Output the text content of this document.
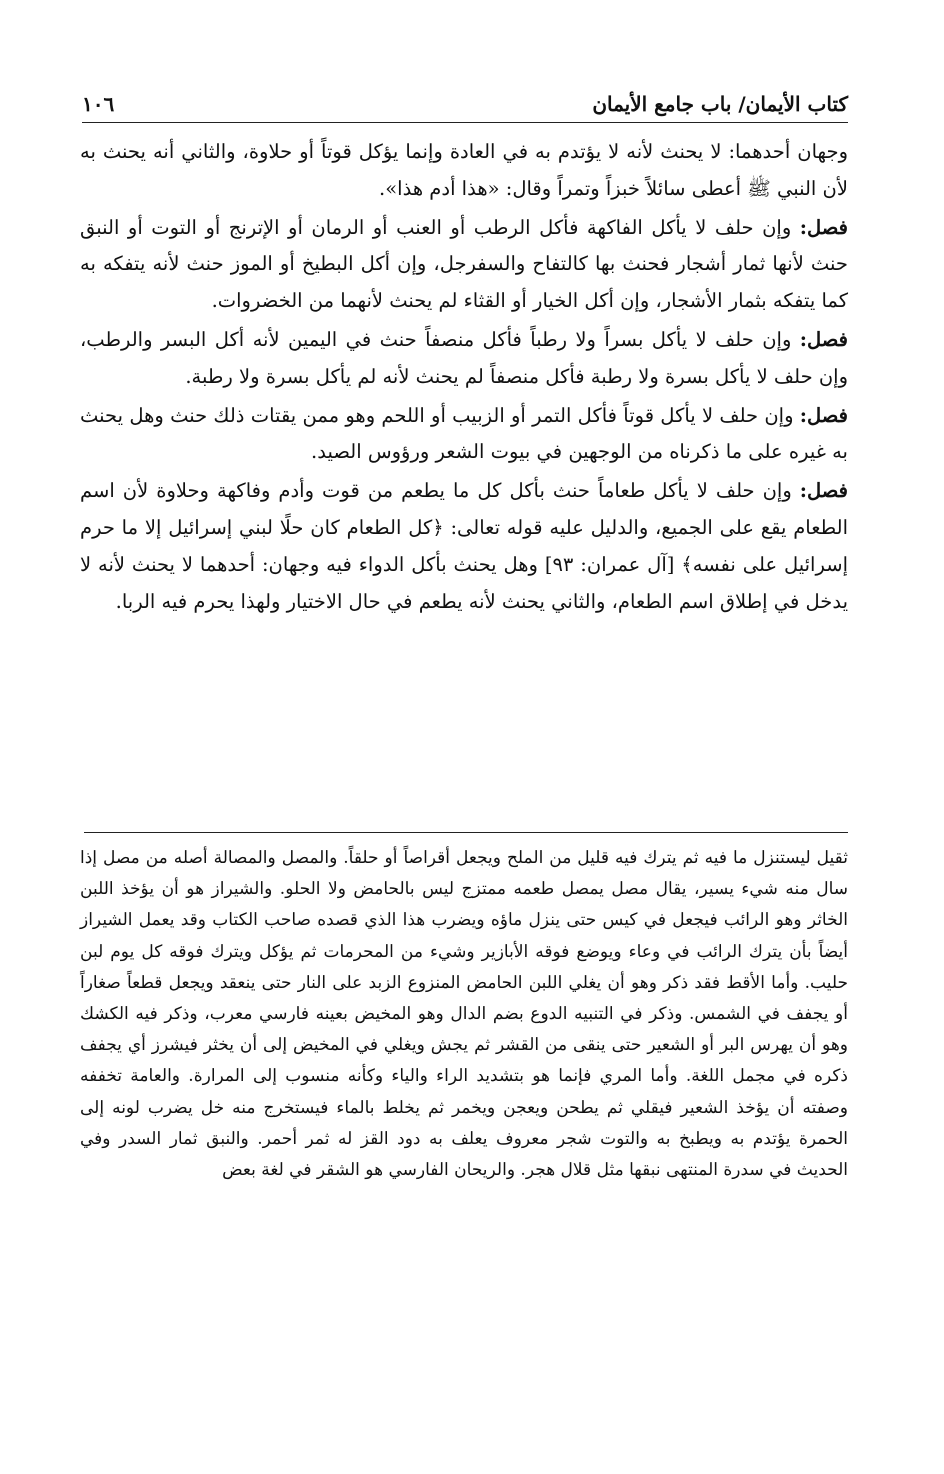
كتاب الأيمان/ باب جامع الأيمان
١٠٦

وجهان أحدهما: لا يحنث لأنه لا يؤتدم به في العادة وإنما يؤكل قوتاً أو حلاوة، والثاني أنه يحنث به لأن النبي ﷺ أعطى سائلاً خبزاً وتمراً وقال: «هذا أدم هذا».

فصل: وإن حلف لا يأكل الفاكهة فأكل الرطب أو العنب أو الرمان أو الإترنج أو التوت أو النبق حنث لأنها ثمار أشجار فحنث بها كالتفاح والسفرجل، وإن أكل البطيخ أو الموز حنث لأنه يتفكه به كما يتفكه بثمار الأشجار، وإن أكل الخيار أو القثاء لم يحنث لأنهما من الخضروات.

فصل: وإن حلف لا يأكل بسراً ولا رطباً فأكل منصفاً حنث في اليمين لأنه أكل البسر والرطب، وإن حلف لا يأكل بسرة ولا رطبة فأكل منصفاً لم يحنث لأنه لم يأكل بسرة ولا رطبة.

فصل: وإن حلف لا يأكل قوتاً فأكل التمر أو الزبيب أو اللحم وهو ممن يقتات ذلك حنث وهل يحنث به غيره على ما ذكرناه من الوجهين في بيوت الشعر ورؤوس الصيد.

فصل: وإن حلف لا يأكل طعاماً حنث بأكل كل ما يطعم من قوت وأدم وفاكهة وحلاوة لأن اسم الطعام يقع على الجميع، والدليل عليه قوله تعالى: ﴿كل الطعام كان حلًا لبني إسرائيل إلا ما حرم إسرائيل على نفسه﴾ [آل عمران: ٩٣] وهل يحنث بأكل الدواء فيه وجهان: أحدهما لا يحنث لأنه لا يدخل في إطلاق اسم الطعام، والثاني يحنث لأنه يطعم في حال الاختيار ولهذا يحرم فيه الربا.

ثقيل ليستنزل ما فيه ثم يترك فيه قليل من الملح ويجعل أقراصاً أو حلقاً. والمصل والمصالة أصله من مصل إذا سال منه شيء يسير، يقال مصل يمصل طعمه ممتزج ليس بالحامض ولا الحلو. والشيراز هو أن يؤخذ اللبن الخاثر وهو الرائب فيجعل في كيس حتى ينزل ماؤه ويضرب هذا الذي قصده صاحب الكتاب وقد يعمل الشيراز أيضاً بأن يترك الرائب في وعاء ويوضع فوقه الأبازير وشيء من المحرمات ثم يؤكل ويترك فوقه كل يوم لبن حليب. وأما الأقط فقد ذكر وهو أن يغلي اللبن الحامض المنزوع الزبد على النار حتى ينعقد ويجعل قطعاً صغاراً أو يجفف في الشمس. وذكر في التنبيه الدوع بضم الدال وهو المخيض بعينه فارسي معرب، وذكر فيه الكشك وهو أن يهرس البر أو الشعير حتى ينقى من القشر ثم يجش ويغلي في المخيض إلى أن يخثر فيشرز أي يجفف ذكره في مجمل اللغة. وأما المري فإنما هو بتشديد الراء والياء وكأنه منسوب إلى المرارة. والعامة تخففه وصفته أن يؤخذ الشعير فيقلي ثم يطحن ويعجن ويخمر ثم يخلط بالماء فيستخرج منه خل يضرب لونه إلى الحمرة يؤتدم به ويطبخ به والتوت شجر معروف يعلف به دود القز له ثمر أحمر. والنبق ثمار السدر وفي الحديث في سدرة المنتهى نبقها مثل قلال هجر. والريحان الفارسي هو الشقر في لغة بعض
